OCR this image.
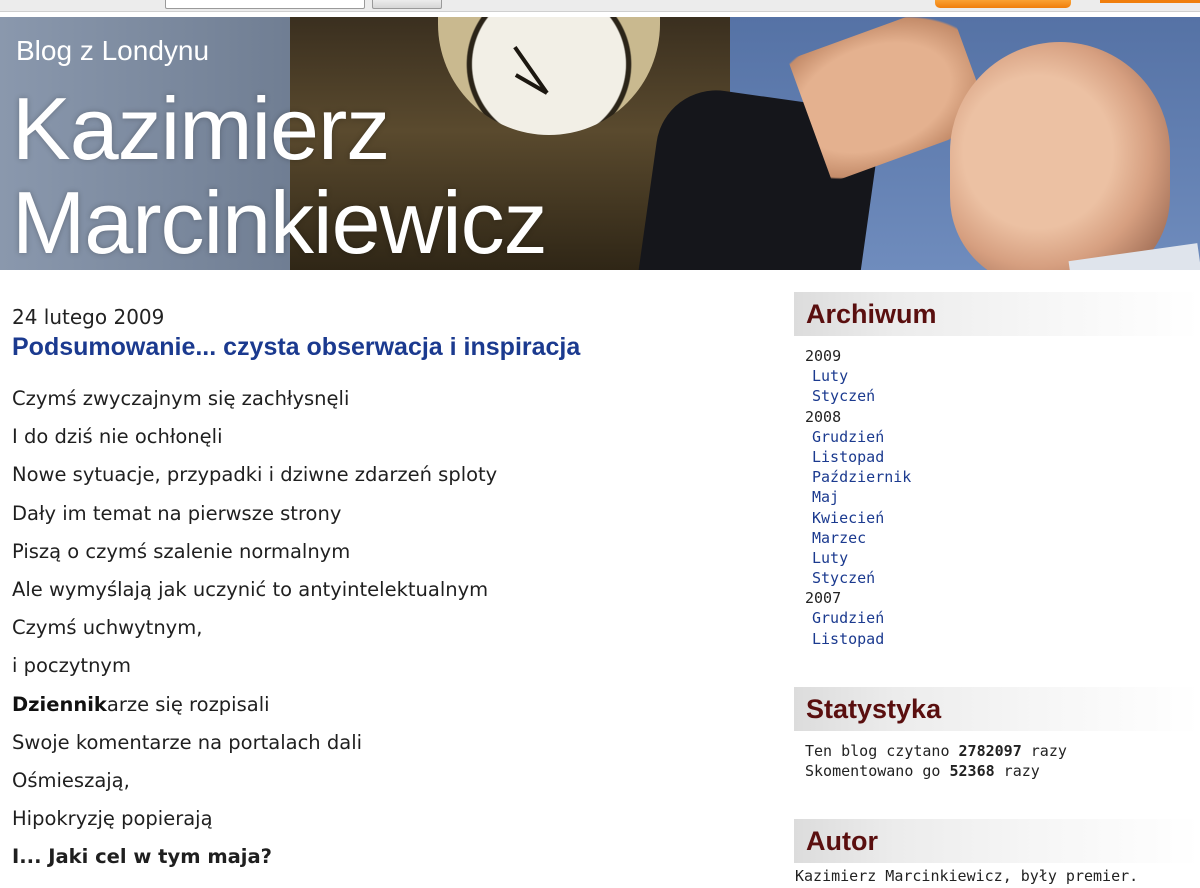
Blog z Londynu
Kazimierz
Marcinkiewicz
24 lutego 2009
Podsumowanie... czysta obserwacja i inspiracja
Czymś zwyczajnym się zachłysnęli
I do dziś nie ochłonęli
Nowe sytuacje, przypadki i dziwne zdarzeń sploty
Dały im temat na pierwsze strony
Piszą o czymś szalenie normalnym
Ale wymyślają jak uczynić to antyintelektualnym
Czymś uchwytnym,
i poczytnym
Dziennikarze się rozpisali
Swoje komentarze na portalach dali
Ośmieszają,
Hipokryzję popierają
I... Jaki cel w tym maja?
Archiwum
2009
Luty
Styczeń
2008
Grudzień
Listopad
Październik
Maj
Kwiecień
Marzec
Luty
Styczeń
2007
Grudzień
Listopad
Statystyka
Ten blog czytano 2782097 razy
Skomentowano go 52368 razy
Autor
Kazimierz Marcinkiewicz, były premier.
